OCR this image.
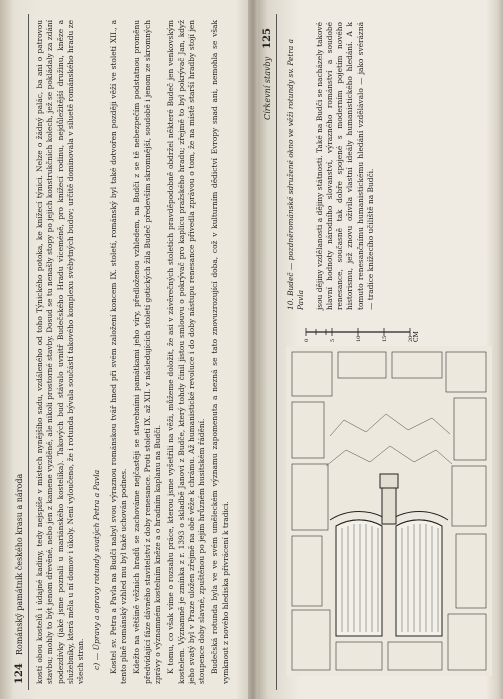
124
Románský památník českého krasu a národa kostí obou kostelů i údajné kadiny, tedy nejspíše v místech nynějšího sadu, vzdáleného od toho Týnického potoka, ke knížecí týnici. Nelze o žádný palác, ba ani o patrovou stavbu; mohly to být jenom dřevěné, nebo jen z kamene vyzděné, ale nikoli prostorné stavby. Dosud se tu nenašly stopy po jejich konstrukčních kolech, jež se pokládaly za zdání podezdívky (jaké jsme poznali u mariánského kostelíka). Takových bud stávalo uvnitř Budečského Hradu víceméně, pro knížecí rodinu, nejdůležitější družinu, kněze a služebníky, která měla u ní domov i úkoly. Není vyloučeno, že i rotunda bývala součástí takového komplexu svébytných budov; určitě dominovala v siluetě románského hradu ze všech stran. c) — Úpravy a opravy rotundy svatých Petra a Pavla Kostel sv. Petra a Pavla na Budči nabyl svou výraznou románskou tvář hned při svém založení koncem IX. století, románský byl také dotvořen později věží ve století XII., a tento plně románský vzhled mu byl také uchován podnes. Kdežto na většině věžních hradů se zachováme nejčastěji se stavebními památkami jeho víry, předloženou vzhledem, na Budči z se tě nebezpečím podstatnou proměnu předvídající fáze dávného stavitelství z doby renesance. Proti století IX. až XII. v následujících století gotických žila Budeč především skromnější, soudobě i jenom ze skromných zprávy o významném kostelním kněze a o hradním kaplanu na Budči. K tomu, co však víme o rozsahu práce, kterou jsme vyšetřili na věži, můžeme doložit, že asi v závěrečných stoletích pravděpodobně obdržel některé Budeč jen venkovským kostelem. Významně je zmínka z r. 1393 o skladbě Janovi z Budče, který tohdy činil jistou smlouvu o pokrývač pro kaplicu pražského hradu; zřejmě to byl pokrývač Jan, když jeho svatý byl v Praze uložen zřejmě na obě věže k chrámu. Až humanistické revoluce i do doby nástupu renesance přivedla zprávou o tom, že na místě starší hradby stojí jen stoupence doby slavné, zpuštěnou po jejím hrůzném husitském řádění. Budečská rotunda byla ve ve svém uměleckém významu zapomenuta a nezná se tato znovuzrozující doba, což v kulturním dědictví Evropy snad ani, nemohla se však vymknout z nového hlediska přivrácení k tradici.

Církevní stavby
125
0	5	10	15	20 CM
10. Budeč — pozdněrománské sdružené okno ve věži rotundy sv. Petra a Pavla jsou dějiny vzdělanosti a dějiny státnosti. Také na Budči se nacházely takové hlavní hodnoty národního slovanství, výrazného románství a soudobé renesance, současně tak dobře spojené s moderním pojetím nového historismu, jež znovu oživila vlastní ideály humanistického hledání. A k tomuto renesančnímu humanistickému hledání vzdělávalo — jako svérázná — tradice knížecího učiliště na Budči.
